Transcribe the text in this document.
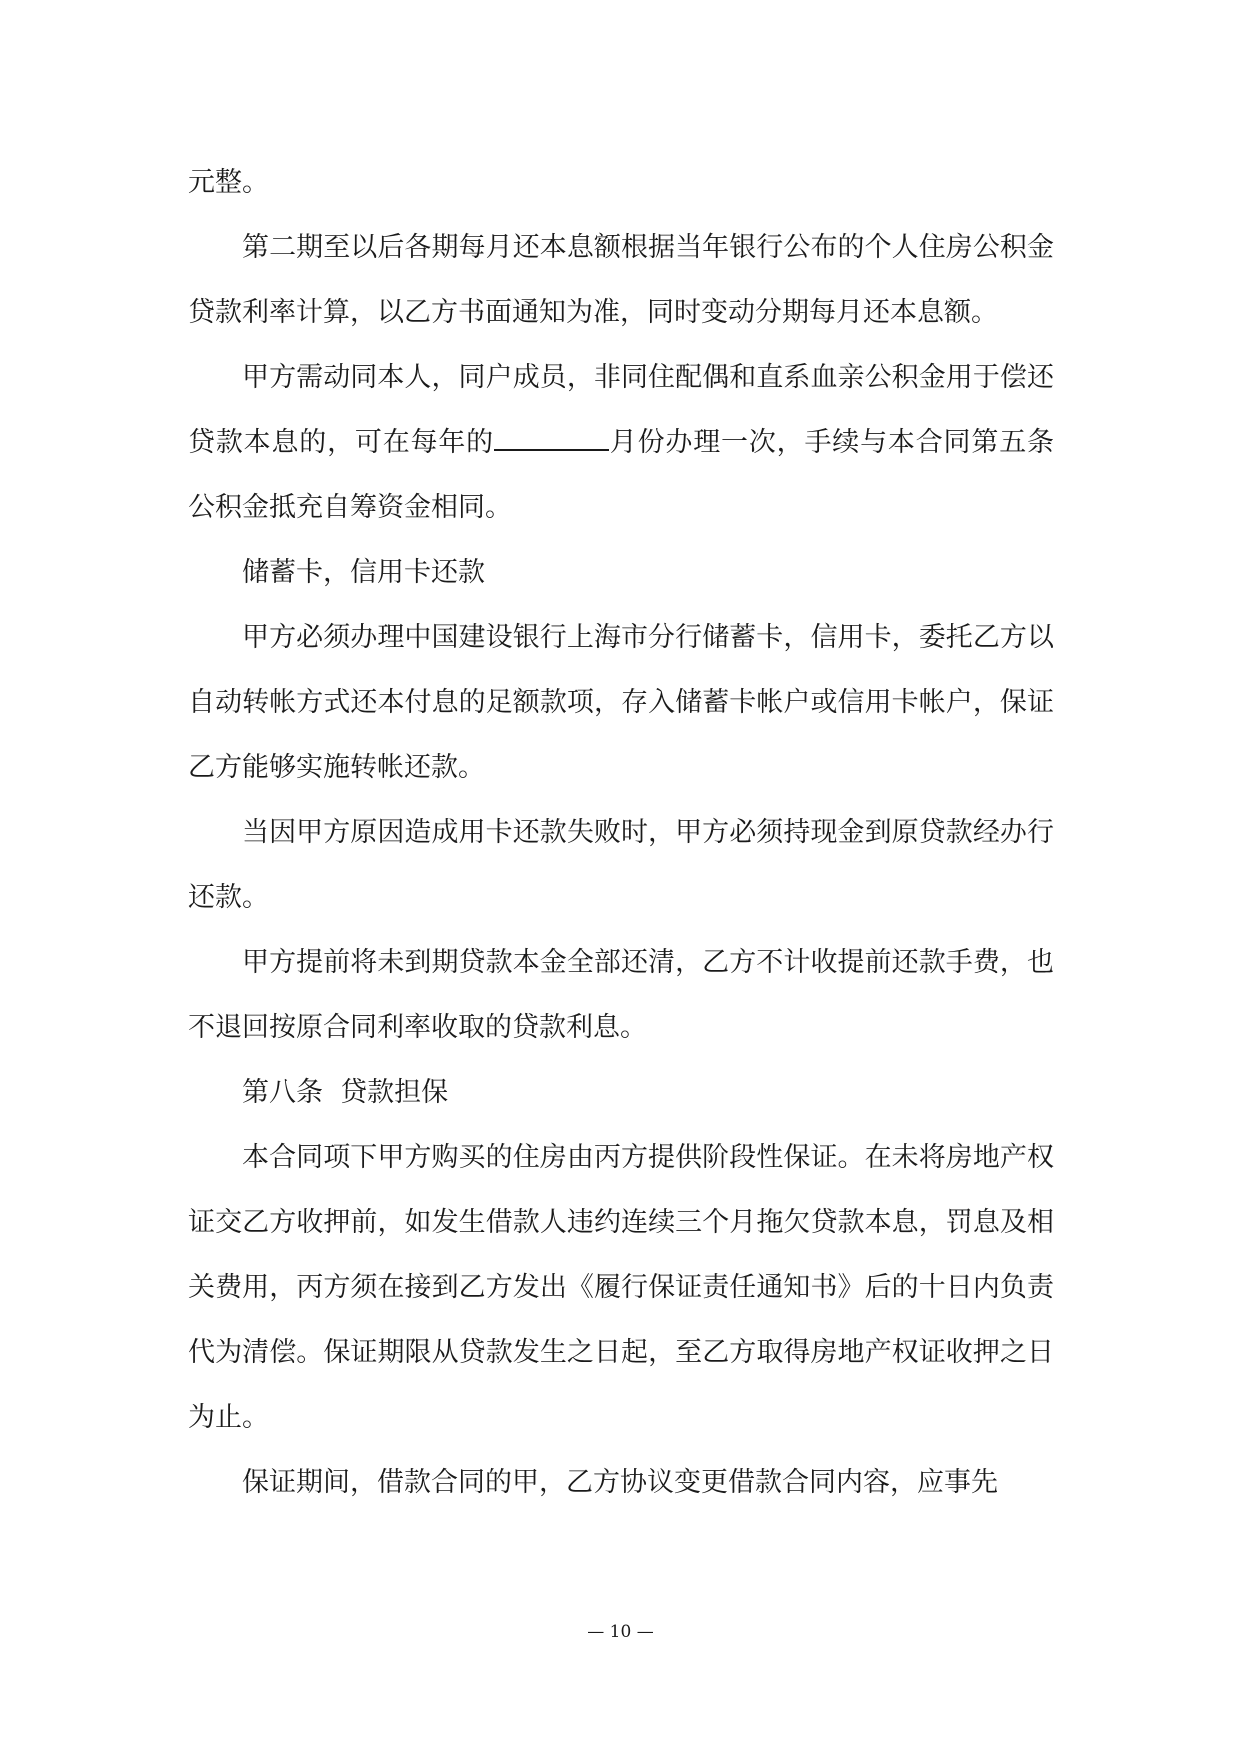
元整。

第二期至以后各期每月还本息额根据当年银行公布的个人住房公积金贷款利率计算，以乙方书面通知为准，同时变动分期每月还本息额。

甲方需动同本人，同户成员，非同住配偶和直系血亲公积金用于偿还贷款本息的，可在每年的	月份办理一次，手续与本合同第五条公积金抵充自筹资金相同。

储蓄卡，信用卡还款

甲方必须办理中国建设银行上海市分行储蓄卡，信用卡，委托乙方以自动转帐方式还本付息的足额款项，存入储蓄卡帐户或信用卡帐户，保证乙方能够实施转帐还款。

当因甲方原因造成用卡还款失败时，甲方必须持现金到原贷款经办行还款。

甲方提前将未到期贷款本金全部还清，乙方不计收提前还款手费，也不退回按原合同利率收取的贷款利息。

第八条  贷款担保

本合同项下甲方购买的住房由丙方提供阶段性保证。在未将房地产权证交乙方收押前，如发生借款人违约连续三个月拖欠贷款本息，罚息及相关费用，丙方须在接到乙方发出《履行保证责任通知书》后的十日内负责代为清偿。保证期限从贷款发生之日起，至乙方取得房地产权证收押之日为止。

保证期间，借款合同的甲，乙方协议变更借款合同内容，应事先

— 10 —
